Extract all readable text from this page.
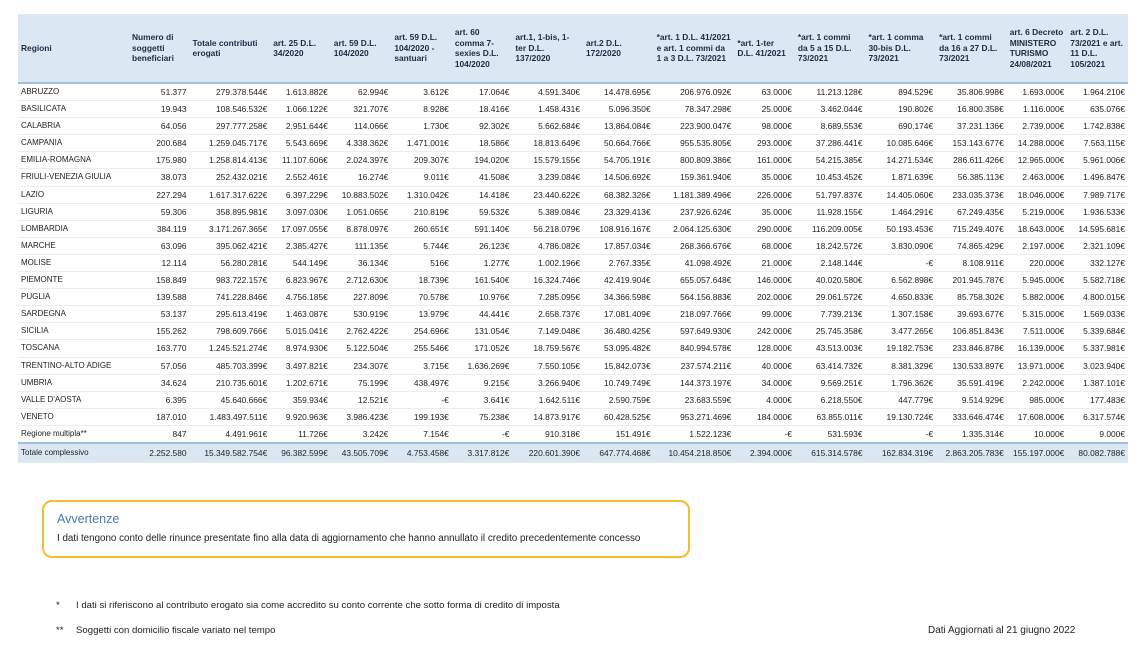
Regioni	Numero di soggetti beneficiari	Totale contributi erogati	art. 25 D.L. 34/2020	art. 59 D.L. 104/2020	art. 59 D.L. 104/2020 - santuari	art. 60 comma 7-sexies D.L. 104/2020	art.1, 1-bis, 1-ter D.L. 137/2020	art.2 D.L. 172/2020	*art. 1 D.L. 41/2021 e art. 1 commi da 1 a 3 D.L. 73/2021	*art. 1-ter D.L. 41/2021	*art. 1 commi da 5 a 15 D.L. 73/2021	*art. 1 comma 30-bis D.L. 73/2021	*art. 1 commi da 16 a 27 D.L. 73/2021	art. 6 Decreto MINISTERO TURISMO 24/08/2021	art. 2 D.L. 73/2021 e art. 11 D.L. 105/2021
ABRUZZO	51.377	279.378.544€	1.613.882€	62.994€	3.612€	17.064€	4.591.340€	14.478.695€	206.976.092€	63.000€	11.213.128€	894.529€	35.806.998€	1.693.000€	1.964.210€
BASILICATA	19.943	108.546.532€	1.066.122€	321.707€	8.928€	18.416€	1.458.431€	5.096.350€	78.347.298€	25.000€	3.462.044€	190.802€	16.800.358€	1.116.000€	635.076€
CALABRIA	64.056	297.777.258€	2.951.644€	114.066€	1.730€	92.302€	5.662.684€	13.864.084€	223.900.047€	98.000€	8.689.553€	690.174€	37.231.136€	2.739.000€	1.742.838€
CAMPANIA	200.684	1.259.045.717€	5.543.669€	4.338.362€	1.471.001€	18.586€	18.813.649€	50.664.766€	955.535.805€	293.000€	37.286.441€	10.085.646€	153.143.677€	14.288.000€	7.563.115€
EMILIA-ROMAGNA	175.980	1.258.814.413€	11.107.606€	2.024.397€	209.307€	194.020€	15.579.155€	54.705.191€	800.809.386€	161.000€	54.215.385€	14.271.534€	286.611.426€	12.965.000€	5.961.006€
FRIULI-VENEZIA GIULIA	38.073	252.432.021€	2.552.461€	16.274€	9.011€	41.508€	3.239.084€	14.506.692€	159.361.940€	35.000€	10.453.452€	1.871.639€	56.385.113€	2.463.000€	1.496.847€
LAZIO	227.294	1.617.317.622€	6.397.229€	10.883.502€	1.310.042€	14.418€	23.440.622€	68.382.326€	1.181.389.496€	226.000€	51.797.837€	14.405.060€	233.035.373€	18.046.000€	7.989.717€
LIGURIA	59.306	358.895.981€	3.097.030€	1.051.065€	210.819€	59.532€	5.389.084€	23.329.413€	237.926.624€	35.000€	11.928.155€	1.464.291€	67.249.435€	5.219.000€	1.936.533€
LOMBARDIA	384.119	3.171.267.365€	17.097.055€	8.878.097€	260.651€	591.140€	56.218.079€	108.916.167€	2.064.125.630€	290.000€	116.209.005€	50.193.453€	715.249.407€	18.643.000€	14.595.681€
MARCHE	63.096	395.062.421€	2.385.427€	111.135€	5.744€	26.123€	4.786.082€	17.857.034€	268.366.676€	68.000€	18.242.572€	3.830.090€	74.865.429€	2.197.000€	2.321.109€
MOLISE	12.114	56.280.281€	544.149€	36.134€	516€	1.277€	1.002.196€	2.767.335€	41.098.492€	21.000€	2.148.144€	-€	8.108.911€	220.000€	332.127€
PIEMONTE	158.849	983.722.157€	6.823.967€	2.712.630€	18.739€	161.540€	16.324.746€	42.419.904€	655.057.648€	146.000€	40.020.580€	6.562.898€	201.945.787€	5.945.000€	5.582.718€
PUGLIA	139.588	741.228.846€	4.756.185€	227.809€	70.578€	10.976€	7.285.095€	34.366.598€	564.156.883€	202.000€	29.061.572€	4.650.833€	85.758.302€	5.882.000€	4.800.015€
SARDEGNA	53.137	295.613.419€	1.463.087€	530.919€	13.979€	44.441€	2.658.737€	17.081.409€	218.097.766€	99.000€	7.739.213€	1.307.158€	39.693.677€	5.315.000€	1.569.033€
SICILIA	155.262	798.609.766€	5.015.041€	2.762.422€	254.696€	131.054€	7.149.048€	36.480.425€	597.649.930€	242.000€	25.745.358€	3.477.265€	106.851.843€	7.511.000€	5.339.684€
TOSCANA	163.770	1.245.521.274€	8.974.930€	5.122.504€	255.546€	171.052€	18.759.567€	53.095.482€	840.994.578€	128.000€	43.513.003€	19.182.753€	233.846.878€	16.139.000€	5.337.981€
TRENTINO-ALTO ADIGE	57.056	485.703.399€	3.497.821€	234.307€	3.715€	1.636.269€	7.550.105€	15.842.073€	237.574.211€	40.000€	63.414.732€	8.381.329€	130.533.897€	13.971.000€	3.023.940€
UMBRIA	34.624	210.735.601€	1.202.671€	75.199€	438.497€	9.215€	3.266.940€	10.749.749€	144.373.197€	34.000€	9.569.251€	1.796.362€	35.591.419€	2.242.000€	1.387.101€
VALLE D'AOSTA	6.395	45.640.666€	359.934€	12.521€	-€	3.641€	1.642.511€	2.590.759€	23.683.559€	4.000€	6.218.550€	447.779€	9.514.929€	985.000€	177.483€
VENETO	187.010	1.483.497.511€	9.920.963€	3.986.423€	199.193€	75.238€	14.873.917€	60.428.525€	953.271.469€	184.000€	63.855.011€	19.130.724€	333.646.474€	17.608.000€	6.317.574€
Regione multipla**	847	4.491.961€	11.726€	3.242€	7.154€	-€	910.318€	151.491€	1.522.123€	-€	531.593€	-€	1.335.314€	10.000€	9.000€
Totale complessivo	2.252.580	15.349.582.754€	96.382.599€	43.505.709€	4.753.458€	3.317.812€	220.601.390€	647.774.468€	10.454.218.850€	2.394.000€	615.314.578€	162.834.319€	2.863.205.783€	155.197.000€	80.082.788€
Avvertenze
I dati tengono conto delle rinunce presentate fino alla data di aggiornamento che hanno annullato il credito precedentemente concesso
* I dati si riferiscono al contributo erogato sia come accredito su conto corrente che sotto forma di credito di imposta
** Soggetti con domicilio fiscale variato nel tempo	Dati Aggiornati al 21 giugno 2022
